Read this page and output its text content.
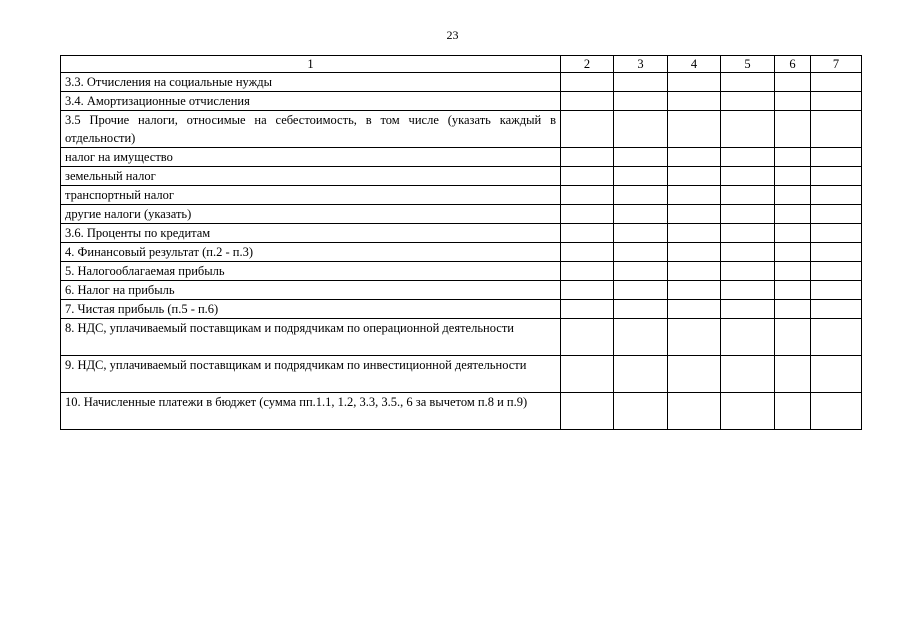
23
1	2	3	4	5	6	7
3.3. Отчисления на социальные нужды						
3.4. Амортизационные отчисления						
3.5 Прочие налоги, относимые на себестоимость, в том числе (указать каждый в отдельности)						
налог на имущество						
земельный налог						
транспортный налог						
другие налоги (указать)						
3.6. Проценты по кредитам						
4. Финансовый результат (п.2 - п.3)						
5. Налогооблагаемая прибыль						
6. Налог на прибыль						
7. Чистая прибыль (п.5 - п.6)						
8. НДС, уплачиваемый поставщикам и подрядчикам по операционной деятельности						
9. НДС, уплачиваемый поставщикам и подрядчикам по инвестиционной деятельности						
10. Начисленные платежи в бюджет (сумма пп.1.1, 1.2, 3.3, 3.5., 6 за вычетом п.8 и п.9)						
